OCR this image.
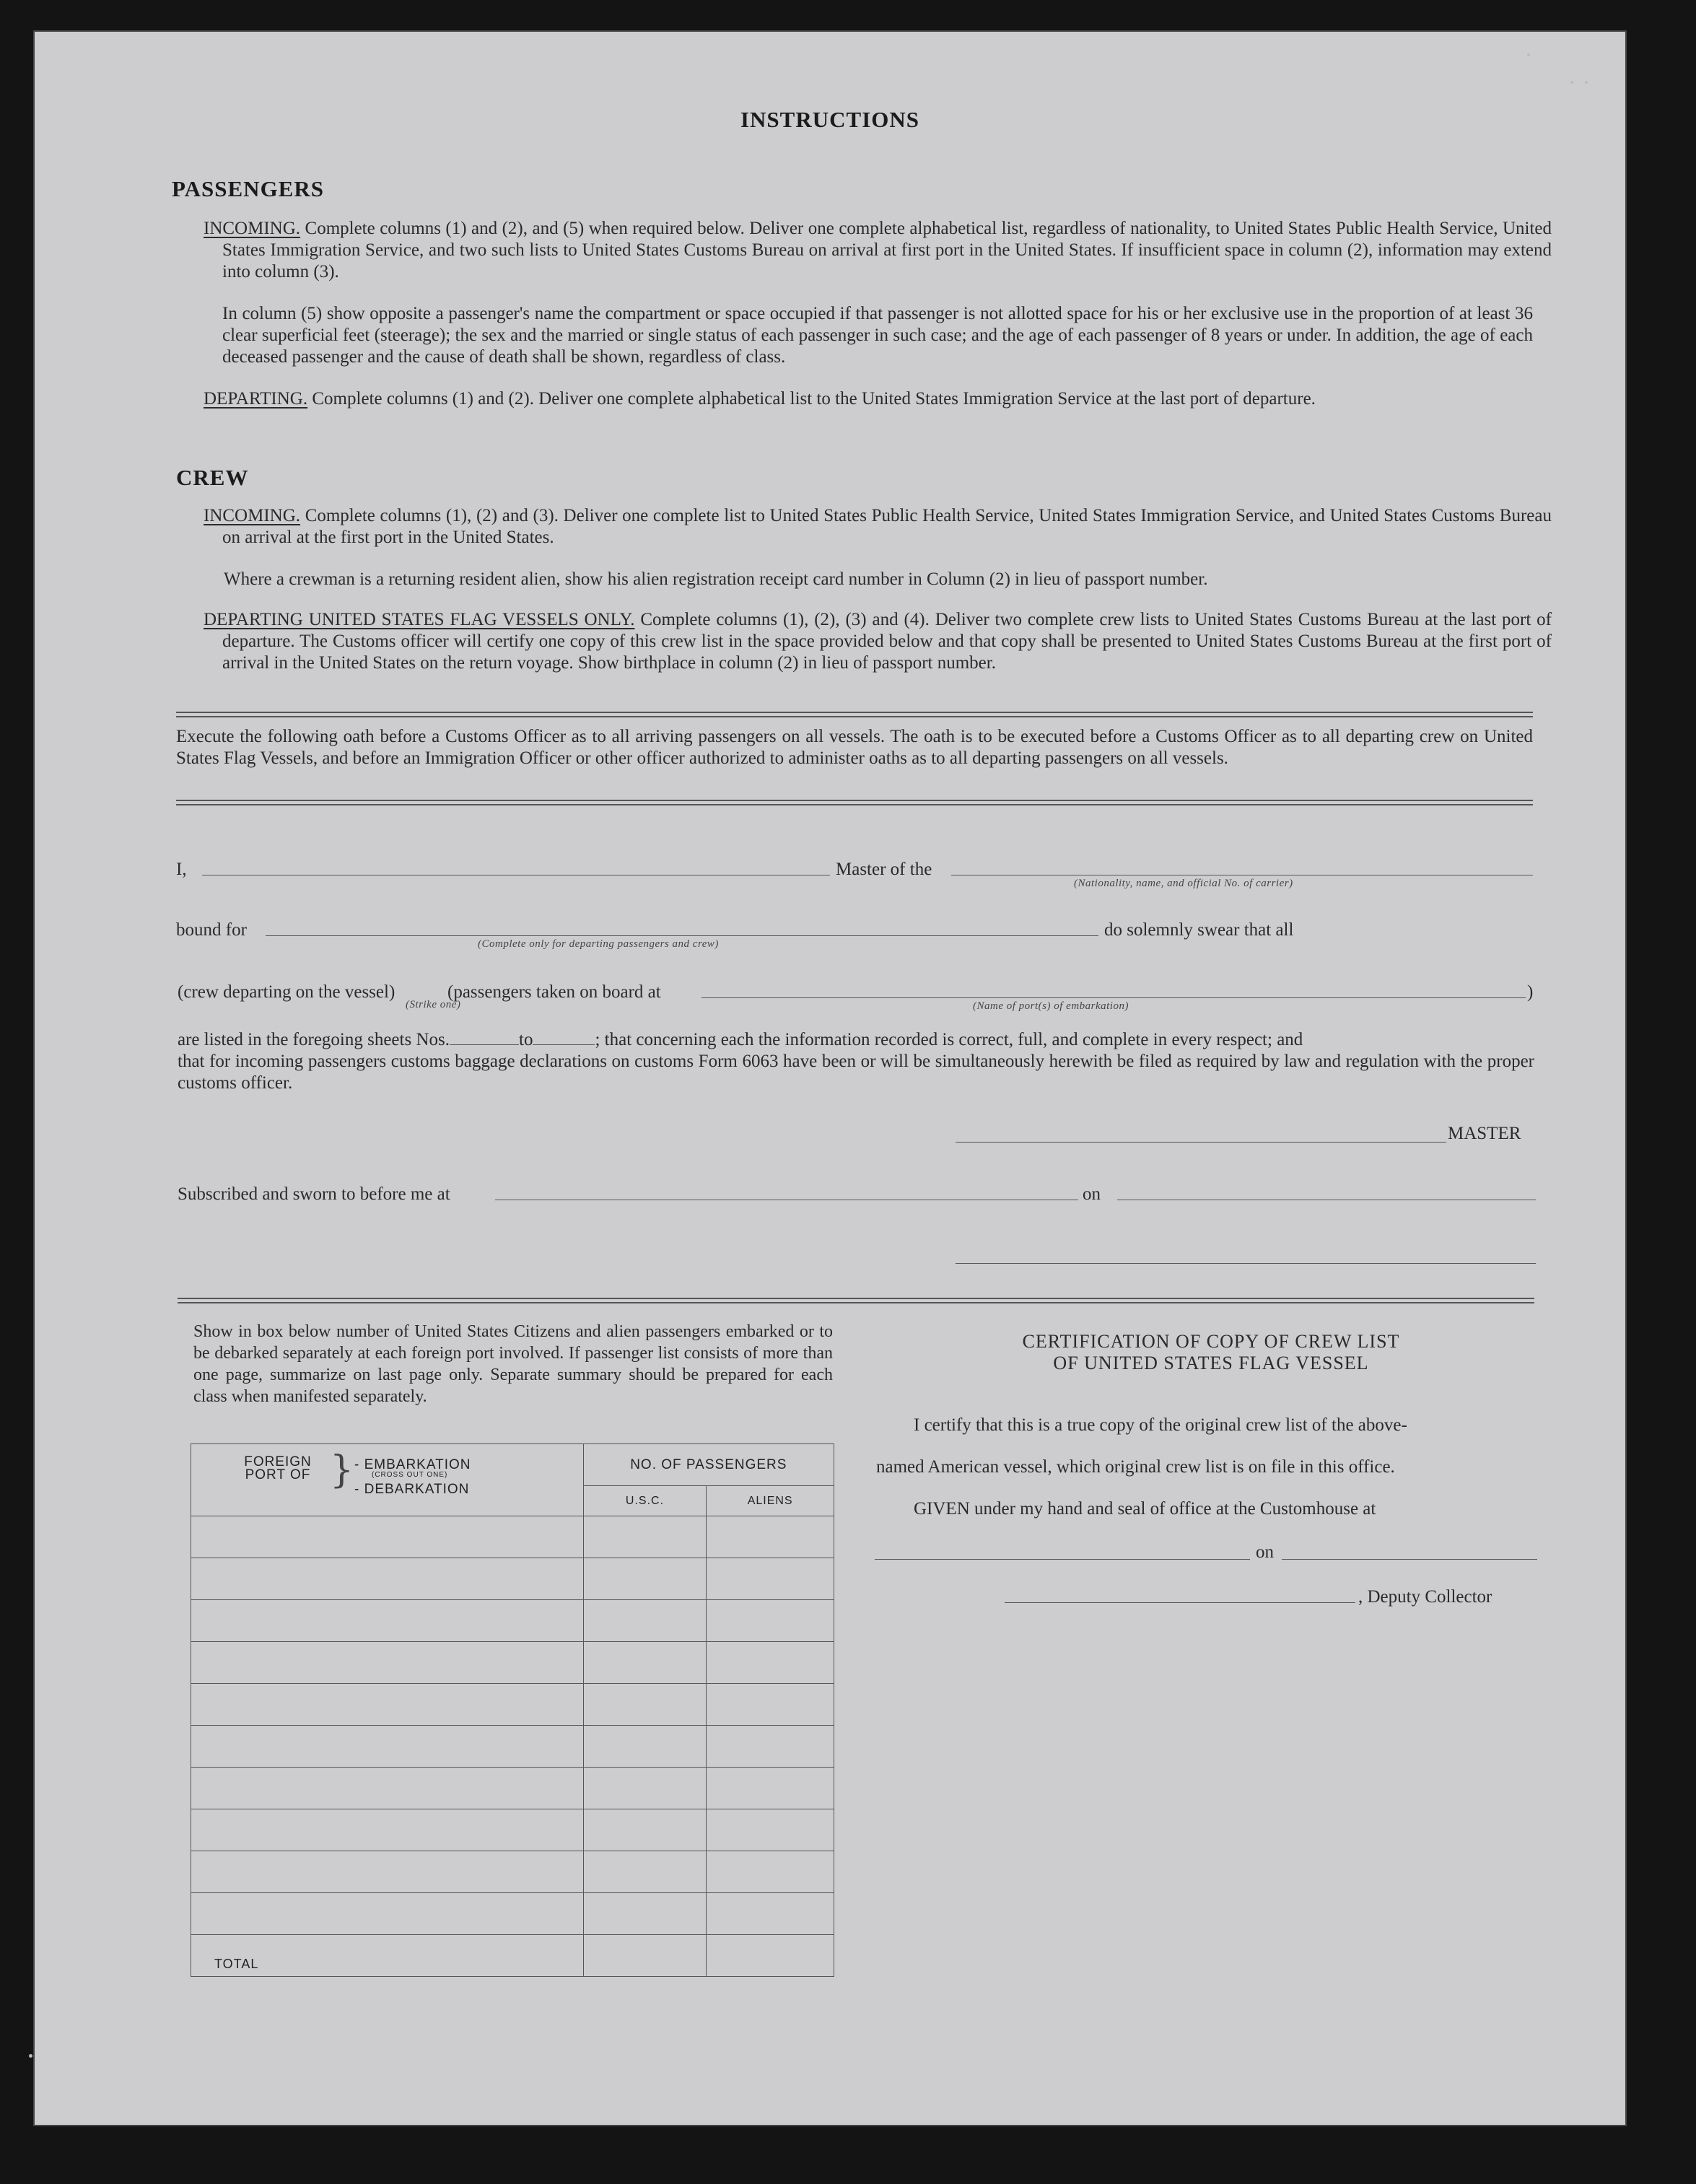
INSTRUCTIONS
PASSENGERS
INCOMING. Complete columns (1) and (2), and (5) when required below. Deliver one complete alphabetical list, regardless of nationality, to United States Public Health Service, United States Immigration Service, and two such lists to United States Customs Bureau on arrival at first port in the United States. If insufficient space in column (2), information may extend into column (3).
In column (5) show opposite a passenger's name the compartment or space occupied if that passenger is not allotted space for his or her exclusive use in the proportion of at least 36 clear superficial feet (steerage); the sex and the married or single status of each passenger in such case; and the age of each passenger of 8 years or under. In addition, the age of each deceased passenger and the cause of death shall be shown, regardless of class.
DEPARTING. Complete columns (1) and (2). Deliver one complete alphabetical list to the United States Immigration Service at the last port of departure.
CREW
INCOMING. Complete columns (1), (2) and (3). Deliver one complete list to United States Public Health Service, United States Immigration Service, and United States Customs Bureau on arrival at the first port in the United States.
Where a crewman is a returning resident alien, show his alien registration receipt card number in Column (2) in lieu of passport number.
DEPARTING UNITED STATES FLAG VESSELS ONLY. Complete columns (1), (2), (3) and (4). Deliver two complete crew lists to United States Customs Bureau at the last port of departure. The Customs officer will certify one copy of this crew list in the space provided below and that copy shall be presented to United States Customs Bureau at the first port of arrival in the United States on the return voyage. Show birthplace in column (2) in lieu of passport number.
Execute the following oath before a Customs Officer as to all arriving passengers on all vessels. The oath is to be executed before a Customs Officer as to all departing crew on United States Flag Vessels, and before an Immigration Officer or other officer authorized to administer oaths as to all departing passengers on all vessels.
I,	Master of the
(Nationality, name, and official No. of carrier)
bound for
(Complete only for departing passengers and crew)
do solemnly swear that all
(crew departing on the vessel)
(Strike one)
(passengers taken on board at
(Name of port(s) of embarkation)
)
are listed in the foregoing sheets Nos.	to	; that concerning each the information recorded is correct, full, and complete in every respect; and
that for incoming passengers customs baggage declarations on customs Form 6063 have been or will be simultaneously herewith be filed as required by law and regulation with the proper customs officer.
MASTER
Subscribed and sworn to before me at	on
Show in box below number of United States Citizens and alien passengers embarked or to be debarked separately at each foreign port involved. If passenger list consists of more than one page, summarize on last page only. Separate summary should be prepared for each class when manifested separately.
FOREIGN PORT OF } - EMBARKATION
(CROSS OUT ONE)
- DEBARKATION	NO. OF PASSENGERS	
	U.S.C.	ALIENS

TOTAL		
CERTIFICATION OF COPY OF CREW LIST
OF UNITED STATES FLAG VESSEL
I certify that this is a true copy of the original crew list of the above-
named American vessel, which original crew list is on file in this office.
GIVEN under my hand and seal of office at the Customhouse at
on
, Deputy Collector
